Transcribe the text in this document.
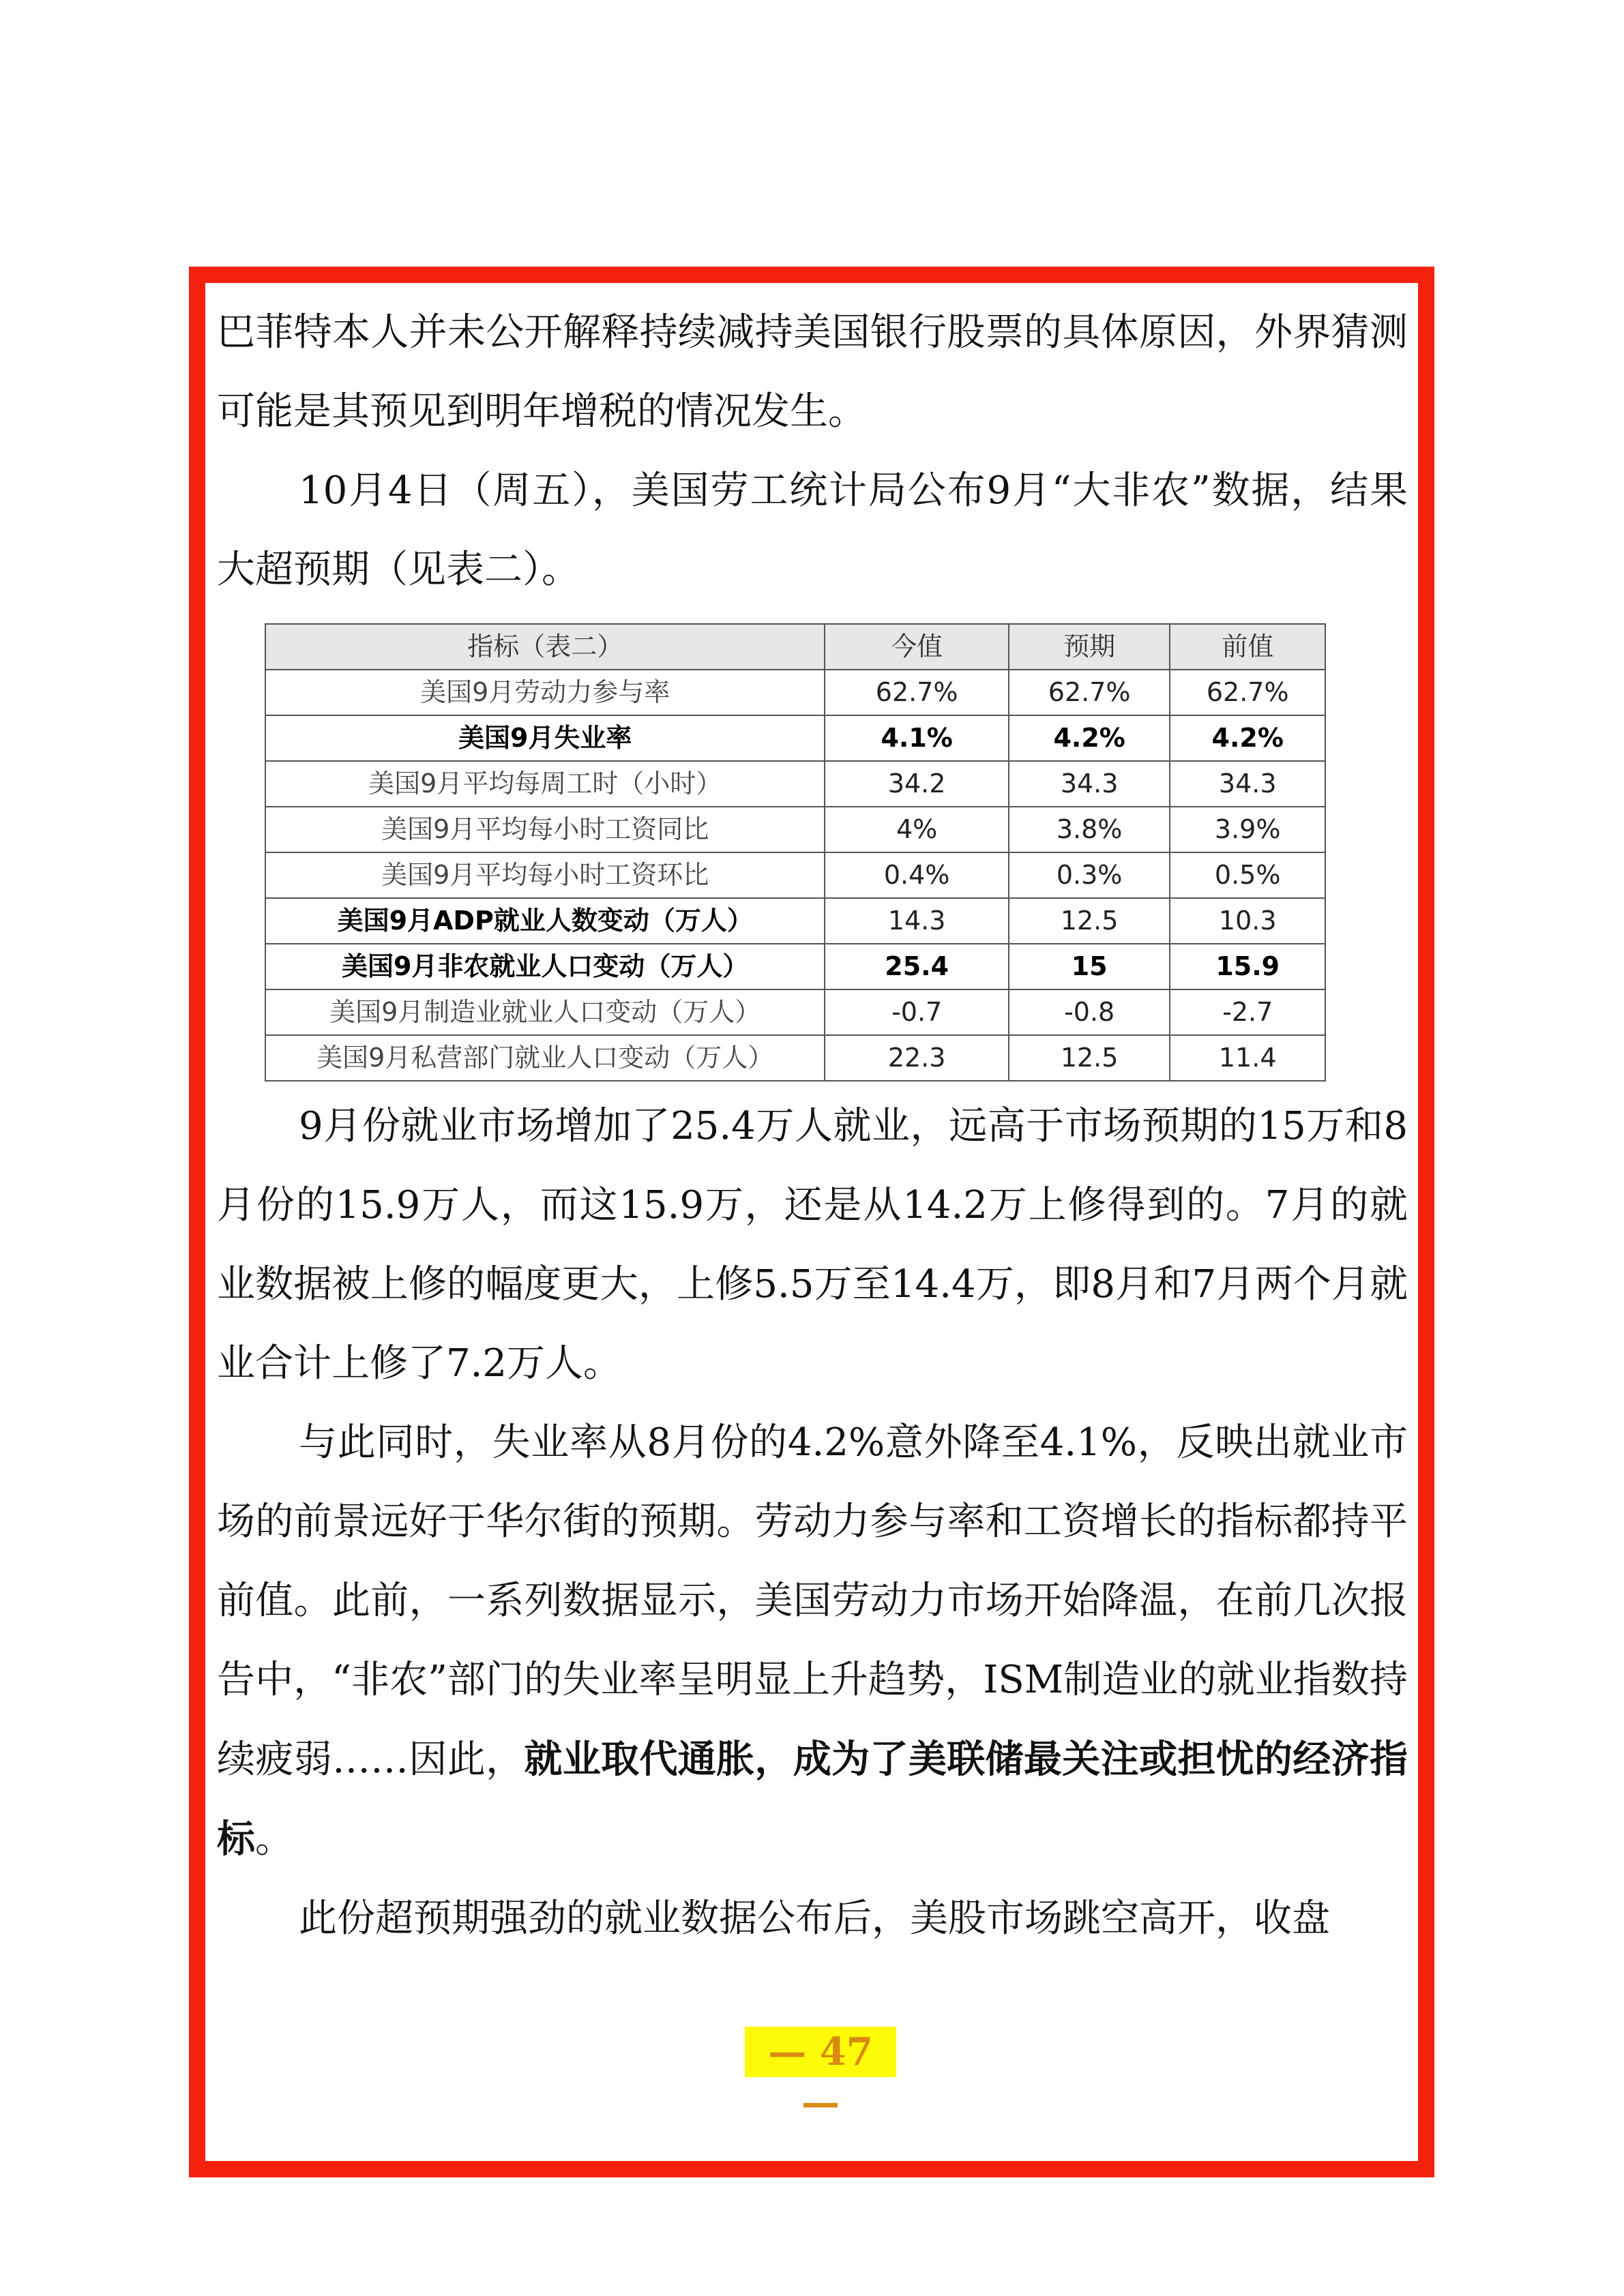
巴菲特本人并未公开解释持续减持美国银行股票的具体原因，外界猜测可能是其预见到明年增税的情况发生。

10月4日（周五），美国劳工统计局公布9月“大非农”数据，结果大超预期（见表二）。

指标（表二）	今值	预期	前值
美国9月劳动力参与率	62.7%	62.7%	62.7%
美国9月失业率	4.1%	4.2%	4.2%
美国9月平均每周工时（小时）	34.2	34.3	34.3
美国9月平均每小时工资同比	4%	3.8%	3.9%
美国9月平均每小时工资环比	0.4%	0.3%	0.5%
美国9月ADP就业人数变动（万人）	14.3	12.5	10.3
美国9月非农就业人口变动（万人）	25.4	15	15.9
美国9月制造业就业人口变动（万人）	-0.7	-0.8	-2.7
美国9月私营部门就业人口变动（万人）	22.3	12.5	11.4

9月份就业市场增加了25.4万人就业，远高于市场预期的15万和8月份的15.9万人，而这15.9万，还是从14.2万上修得到的。7月的就业数据被上修的幅度更大，上修5.5万至14.4万，即8月和7月两个月就业合计上修了7.2万人。

与此同时，失业率从8月份的4.2%意外降至4.1%，反映出就业市场的前景远好于华尔街的预期。劳动力参与率和工资增长的指标都持平前值。此前，一系列数据显示，美国劳动力市场开始降温，在前几次报告中，“非农”部门的失业率呈明显上升趋势，ISM制造业的就业指数持续疲弱……因此，就业取代通胀，成为了美联储最关注或担忧的经济指标。

此份超预期强劲的就业数据公布后，美股市场跳空高开，收盘

— 47 —
